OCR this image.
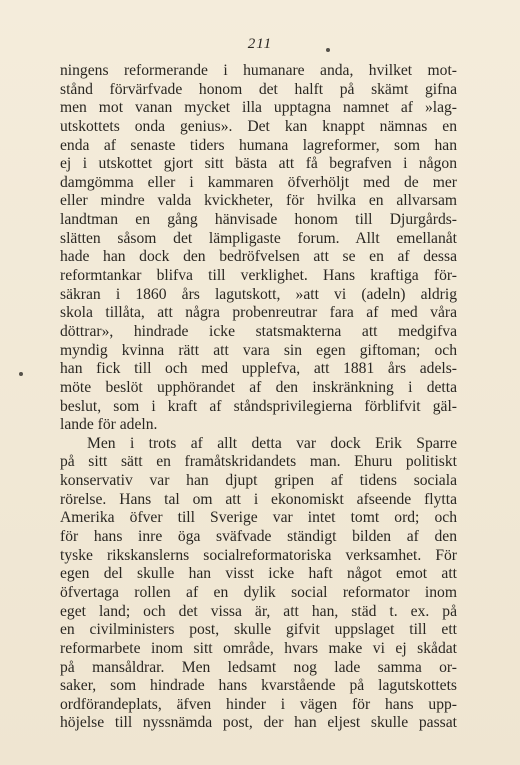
211
ningens reformerande i humanare anda, hvilket mot-
stånd förvärfvade honom det halft på skämt gifna
men mot vanan mycket illa upptagna namnet af »lag-
utskottets onda genius». Det kan knappt nämnas en
enda af senaste tiders humana lagreformer, som han
ej i utskottet gjort sitt bästa att få begrafven i någon
damgömma eller i kammaren öfverhöljt med de mer
eller mindre valda kvickheter, för hvilka en allvarsam
landtman en gång hänvisade honom till Djurgårds-
slätten såsom det lämpligaste forum. Allt emellanåt
hade han dock den bedröfvelsen att se en af dessa
reformtankar blifva till verklighet. Hans kraftiga för-
säkran i 1860 års lagutskott, »att vi (adeln) aldrig
skola tillåta, att några probenreutrar fara af med våra
döttrar», hindrade icke statsmakterna att medgifva
myndig kvinna rätt att vara sin egen giftoman; och
han fick till och med upplefva, att 1881 års adels-
möte beslöt upphörandet af den inskränkning i detta
beslut, som i kraft af ståndsprivilegierna förblifvit gäl-
lande för adeln.
Men i trots af allt detta var dock Erik Sparre
på sitt sätt en framåtskridandets man. Ehuru politiskt
konservativ var han djupt gripen af tidens sociala
rörelse. Hans tal om att i ekonomiskt afseende flytta
Amerika öfver till Sverige var intet tomt ord; och
för hans inre öga sväfvade ständigt bilden af den
tyske rikskanslerns socialreformatoriska verksamhet. För
egen del skulle han visst icke haft något emot att
öfvertaga rollen af en dylik social reformator inom
eget land; och det vissa är, att han, städ t. ex. på
en civilministers post, skulle gifvit uppslaget till ett
reformarbete inom sitt område, hvars make vi ej skådat
på mansåldrar. Men ledsamt nog lade samma or-
saker, som hindrade hans kvarstående på lagutskottets
ordförandeplats, äfven hinder i vägen för hans upp-
höjelse till nyssnämda post, der han eljest skulle passat
